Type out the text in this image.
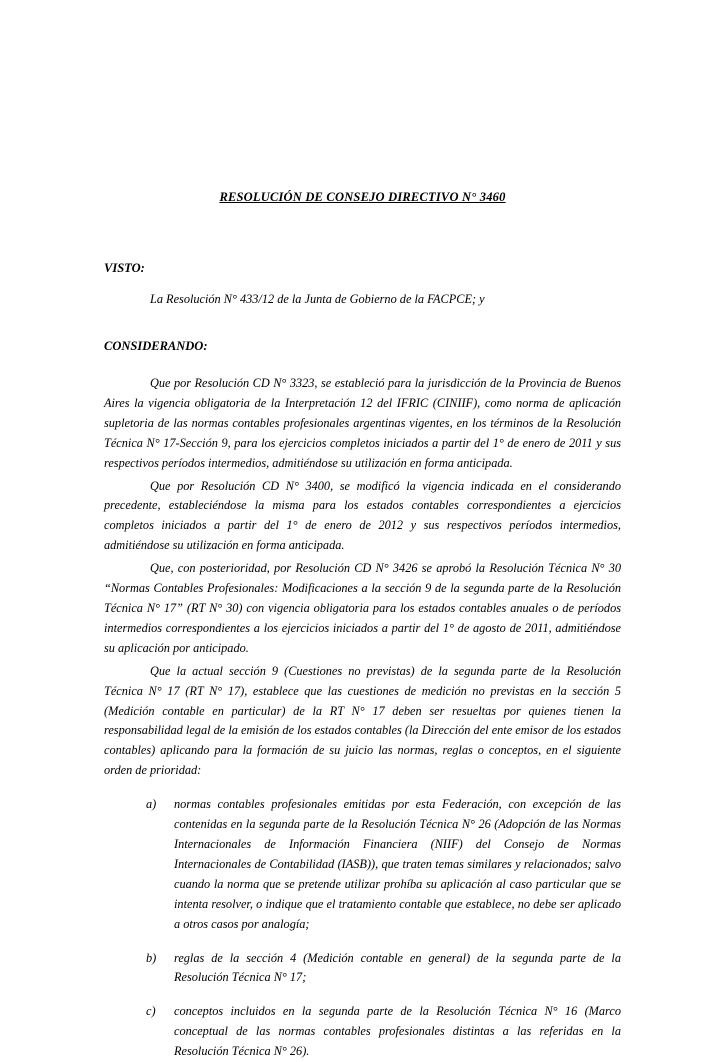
RESOLUCIÓN DE CONSEJO DIRECTIVO N° 3460
VISTO:
La Resolución N° 433/12 de la Junta de Gobierno de la FACPCE; y
CONSIDERANDO:

Que por Resolución CD N° 3323, se estableció para la jurisdicción de la Provincia de Buenos Aires la vigencia obligatoria de la Interpretación 12 del IFRIC (CINIIF), como norma de aplicación supletoria de las normas contables profesionales argentinas vigentes, en los términos de la Resolución Técnica N° 17-Sección 9, para los ejercicios completos iniciados a partir del 1° de enero de 2011 y sus respectivos períodos intermedios, admitiéndose su utilización en forma anticipada.

Que por Resolución CD N° 3400, se modificó la vigencia indicada en el considerando precedente, estableciéndose la misma para los estados contables correspondientes a ejercicios completos iniciados a partir del 1° de enero de 2012 y sus respectivos períodos intermedios, admitiéndose su utilización en forma anticipada.

Que, con posterioridad, por Resolución CD N° 3426 se aprobó la Resolución Técnica N° 30 “Normas Contables Profesionales: Modificaciones a la sección 9 de la segunda parte de la Resolución Técnica N° 17” (RT N° 30) con vigencia obligatoria para los estados contables anuales o de períodos intermedios correspondientes a los ejercicios iniciados a partir del 1° de agosto de 2011, admitiéndose su aplicación por anticipado.

Que la actual sección 9 (Cuestiones no previstas) de la segunda parte de la Resolución Técnica N° 17 (RT N° 17), establece que las cuestiones de medición no previstas en la sección 5 (Medición contable en particular) de la RT N° 17 deben ser resueltas por quienes tienen la responsabilidad legal de la emisión de los estados contables (la Dirección del ente emisor de los estados contables) aplicando para la formación de su juicio las normas, reglas o conceptos, en el siguiente orden de prioridad:

a) normas contables profesionales emitidas por esta Federación, con excepción de las contenidas en la segunda parte de la Resolución Técnica N° 26 (Adopción de las Normas Internacionales de Información Financiera (NIIF) del Consejo de Normas Internacionales de Contabilidad (IASB)), que traten temas similares y relacionados; salvo cuando la norma que se pretende utilizar prohíba su aplicación al caso particular que se intenta resolver, o indique que el tratamiento contable que establece, no debe ser aplicado a otros casos por analogía;
b) reglas de la sección 4 (Medición contable en general) de la segunda parte de la Resolución Técnica N° 17;
c) conceptos incluidos en la segunda parte de la Resolución Técnica N° 16 (Marco conceptual de las normas contables profesionales distintas a las referidas en la Resolución Técnica N° 26).
